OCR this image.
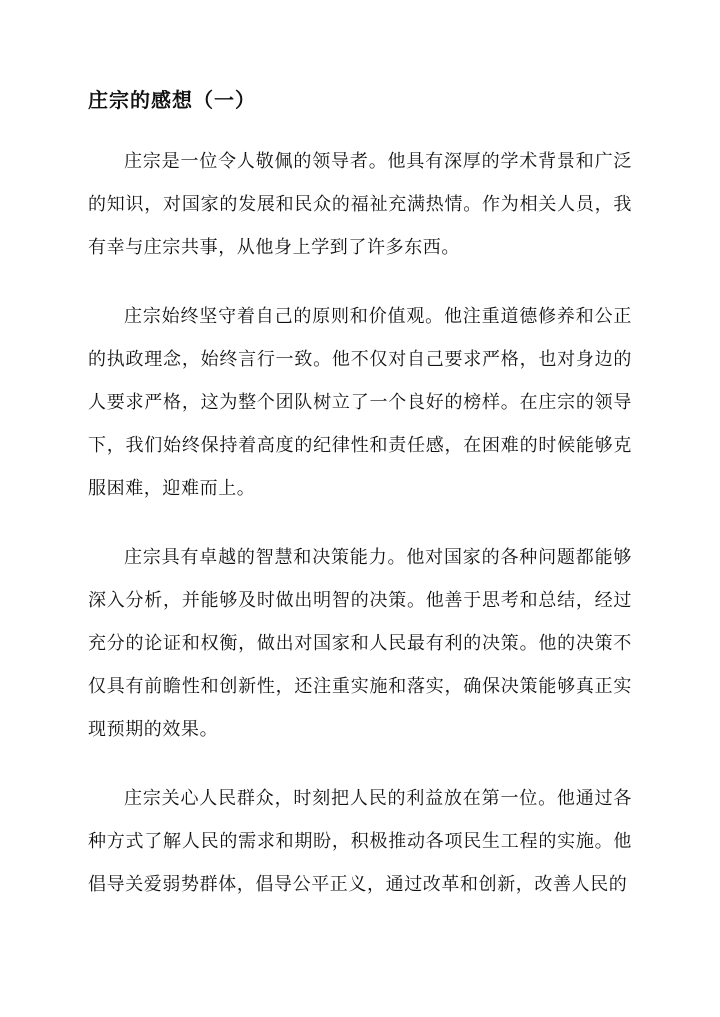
庄宗的感想（一）

庄宗是一位令人敬佩的领导者。他具有深厚的学术背景和广泛的知识，对国家的发展和民众的福祉充满热情。作为相关人员，我有幸与庄宗共事，从他身上学到了许多东西。

庄宗始终坚守着自己的原则和价值观。他注重道德修养和公正的执政理念，始终言行一致。他不仅对自己要求严格，也对身边的人要求严格，这为整个团队树立了一个良好的榜样。在庄宗的领导下，我们始终保持着高度的纪律性和责任感，在困难的时候能够克服困难，迎难而上。

庄宗具有卓越的智慧和决策能力。他对国家的各种问题都能够深入分析，并能够及时做出明智的决策。他善于思考和总结，经过充分的论证和权衡，做出对国家和人民最有利的决策。他的决策不仅具有前瞻性和创新性，还注重实施和落实，确保决策能够真正实现预期的效果。

庄宗关心人民群众，时刻把人民的利益放在第一位。他通过各种方式了解人民的需求和期盼，积极推动各项民生工程的实施。他倡导关爱弱势群体，倡导公平正义，通过改革和创新，改善人民的
